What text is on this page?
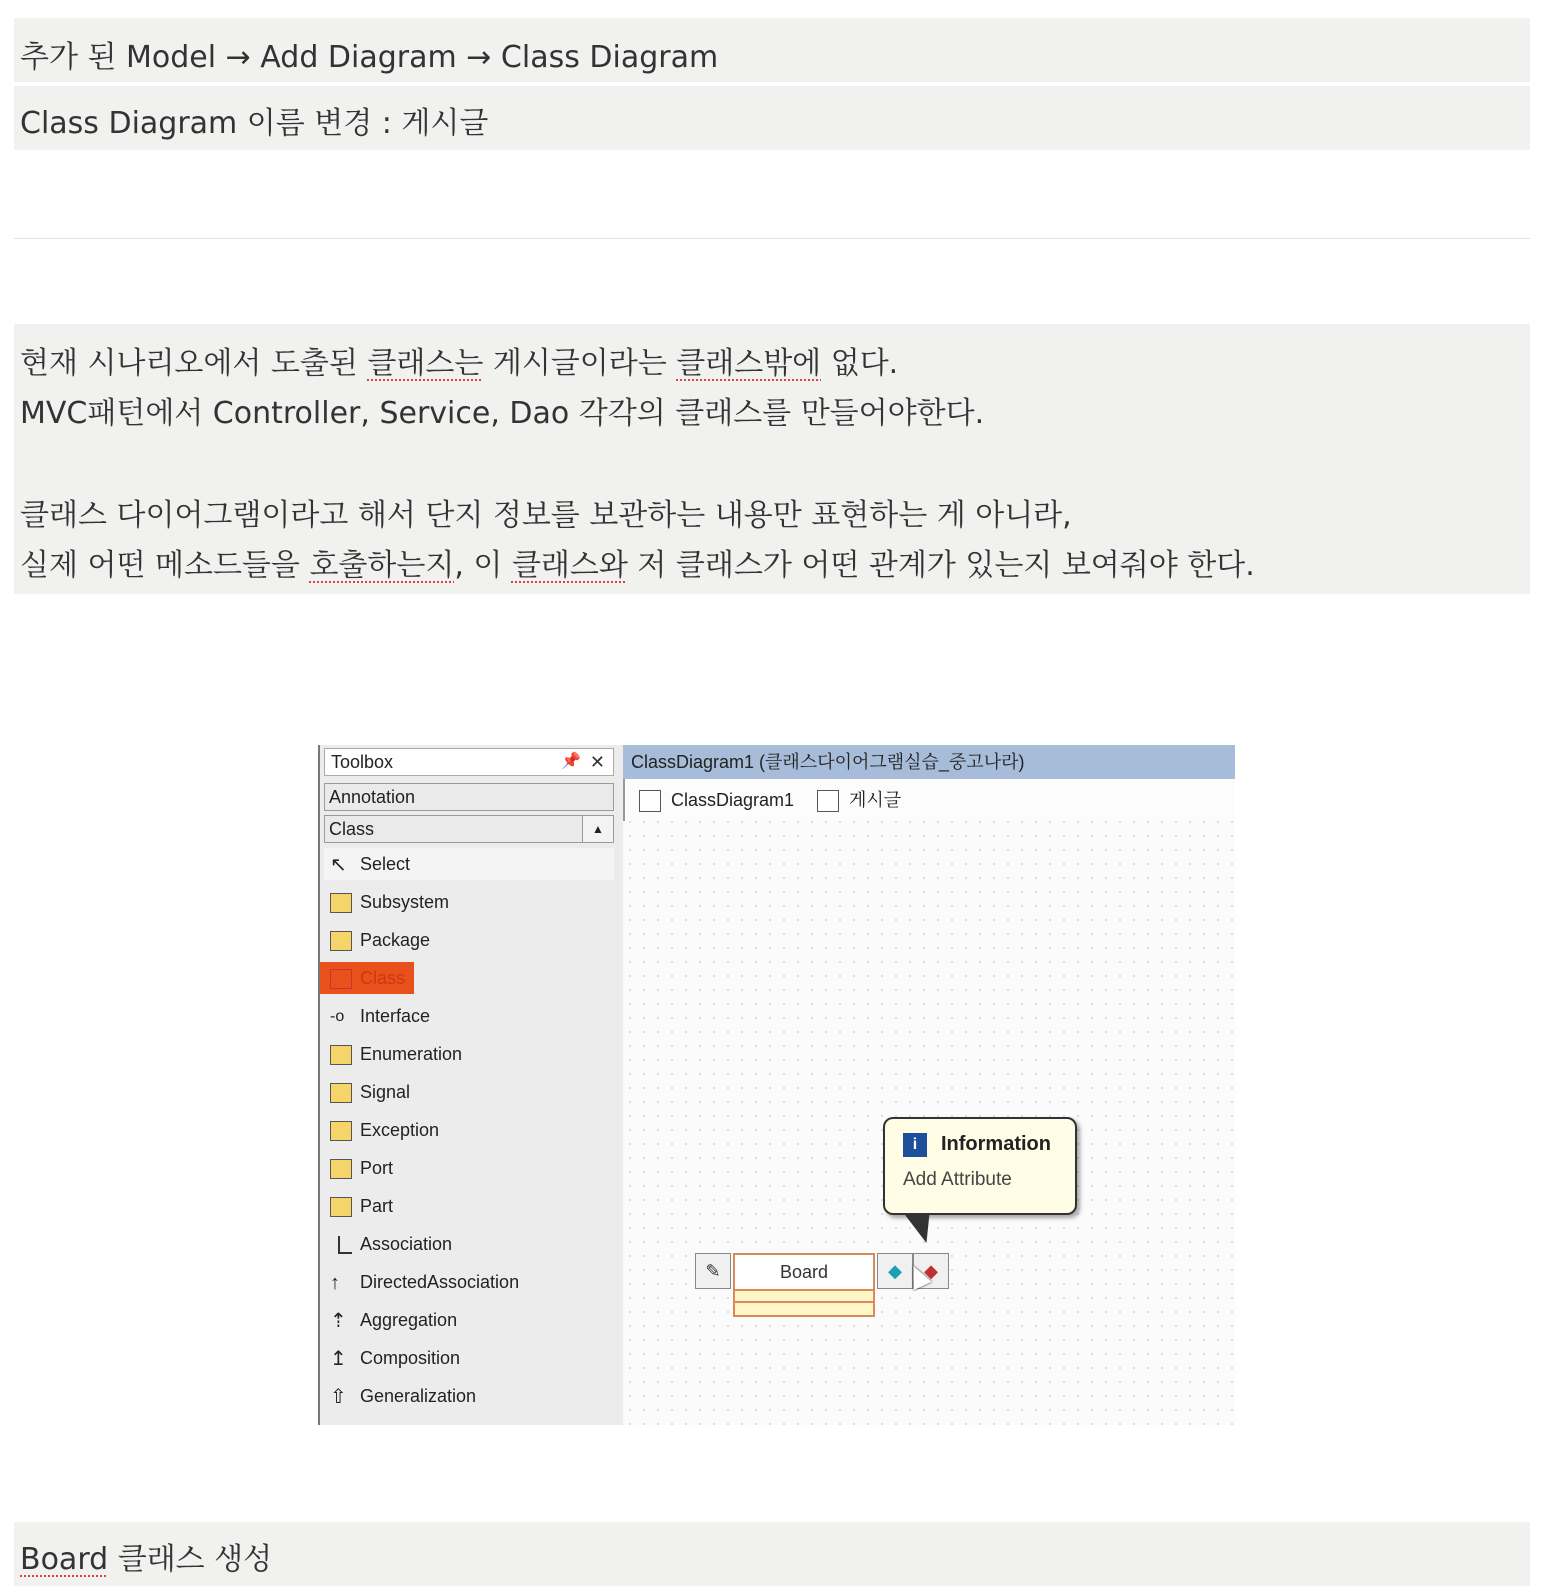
추가 된 Model → Add Diagram → Class Diagram
Class Diagram 이름 변경 : 게시글
현재 시나리오에서 도출된 클래스는 게시글이라는 클래스밖에 없다.
MVC패턴에서 Controller, Service, Dao 각각의 클래스를 만들어야한다.
클래스 다이어그램이라고 해서 단지 정보를 보관하는 내용만 표현하는 게 아니라,
실제 어떤 메소드들을 호출하는지, 이 클래스와 저 클래스가 어떤 관계가 있는지 보여줘야 한다.
Toolbox	📌 ✕
Annotation
Class	▲
↖ Select
Subsystem
Package
Class
-o Interface
Enumeration
Signal
Exception
Port
Part
Association
↑ DirectedAssociation
⇡ Aggregation
↥ Composition
⇧ Generalization
ClassDiagram1 (클래스다이어그램실습_중고나라)
ClassDiagram1	게시글
✎	Board	◆	◆
i	Information
Add Attribute
Board 클래스 생성
